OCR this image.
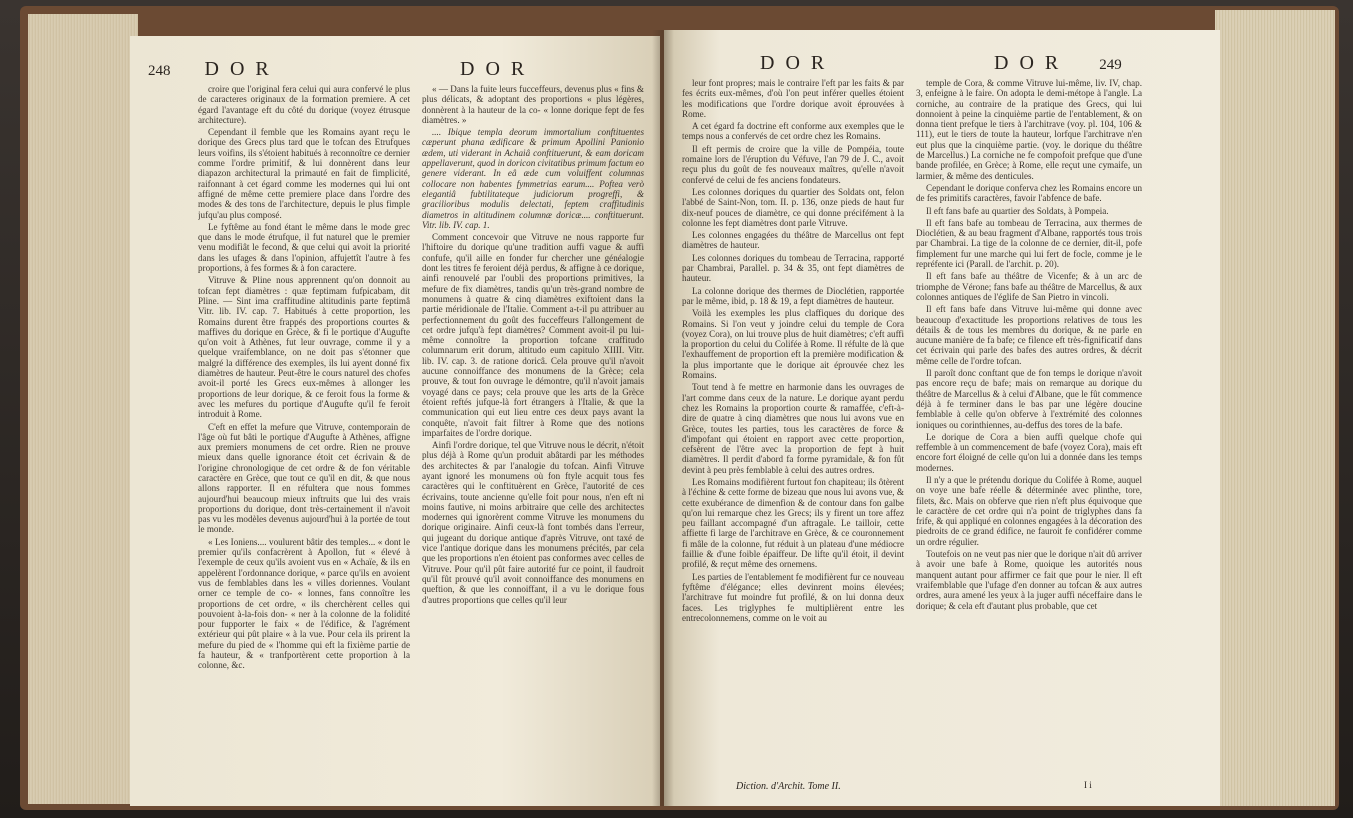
248 D O R	D O R

croire que l'original fera celui qui aura confervé le plus de caracteres originaux de la formation premiere. A cet égard l'avantage eft du côté du dorique (voyez étrusque architecture).

Cependant il femble que les Romains ayant reçu le dorique des Grecs plus tard que le tofcan des Etrufques leurs voifins, ils s'étoient habitués à reconnoître ce dernier comme l'ordre primitif, & lui donnèrent dans leur diapazon architectural la primauté en fait de fimplicité, raifonnant à cet égard comme les modernes qui lui ont affigné de même cette premiere place dans l'ordre des modes & des tons de l'architecture, depuis le plus fimple jufqu'au plus composé.

Le fyftême au fond étant le même dans le mode grec que dans le mode étrufque, il fut naturel que le premier venu modifiât le fecond, & que celui qui avoit la priorité dans les ufages & dans l'opinion, affujettît l'autre à fes proportions, à fes formes & à fon caractere.

Vitruve & Pline nous apprennent qu'on donnoit au tofcan fept diamètres : quæ feptimam fufpicabam, dit Pline. — Sint ima craffitudine altitudinis parte feptimâ Vitr. lib. IV. cap. 7. Habitués à cette proportion, les Romains durent être frappés des proportions courtes & maffives du dorique en Grèce, & fi le portique d'Augufte qu'on voit à Athènes, fut leur ouvrage, comme il y a quelque vraifemblance, on ne doit pas s'étonner que malgré la différence des exemples, ils lui ayent donné fix diamètres de hauteur. Peut-être le cours naturel des chofes avoit-il porté les Grecs eux-mêmes à allonger les proportions de leur dorique, & ce feroit fous la forme & avec les mefures du portique d'Augufte qu'il fe feroit introduit à Rome.

C'eft en effet la mefure que Vitruve, contemporain de l'âge où fut bâti le portique d'Augufte à Athènes, affigne aux premiers monumens de cet ordre. Rien ne prouve mieux dans quelle ignorance étoit cet écrivain & de l'origine chronologique de cet ordre & de fon véritable caractère en Grèce, que tout ce qu'il en dit, & que nous allons rapporter. Il en réfultera que nous fommes aujourd'hui beaucoup mieux inftruits que lui des vrais proportions du dorique, dont très-certainement il n'avoit pas vu les modèles devenus aujourd'hui à la portée de tout le monde.

« Les Ioniens.... voulurent bâtir des temples... « dont le premier qu'ils confacrèrent à Apollon, fut « élevé à l'exemple de ceux qu'ils avoient vus en « Achaïe, & ils en appelèrent l'ordonnance dorique, « parce qu'ils en avoient vus de femblables dans les « villes doriennes. Voulant orner ce temple de co- « lonnes, fans connoître les proportions de cet ordre, « ils cherchèrent celles qui pouvoient à-la-fois don- « ner à la colonne de la folidité pour fupporter le faix « de l'édifice, & l'agrément extérieur qui pût plaire « à la vue. Pour cela ils prirent la mefure du pied de « l'homme qui eft la fixième partie de fa hauteur, & « tranfportèrent cette proportion à la colonne, &c.

« — Dans la fuite leurs fucceffeurs, devenus plus « fins & plus délicats, & adoptant des proportions « plus légères, donnèrent à la hauteur de la co- « lonne dorique fept de fes diamètres. »

.... Ibique templa deorum immortalium conftituentes cæperunt phana ædificare & primum Apollini Panionio ædem, uti viderant in Achaiâ conftituerunt, & eam doricam appellaverunt, quod in doricon civitatibus primum factum eo genere viderant. In eâ æde cum voluiffent columnas collocare non habentes fymmetrias earum.... Poftea verò elegantiâ fubtilitateque judiciorum progreffi, & gracilioribus modulis delectati, feptem craffitudinis diametros in altitudinem columnæ doricæ.... conftituerunt. Vitr. lib. IV. cap. 1.

Comment concevoir que Vitruve ne nous rapporte fur l'hiftoire du dorique qu'une tradition auffi vague & auffi confufe, qu'il aille en fonder fur chercher une généalogie dont les titres fe feroient déjà perdus, & affigne à ce dorique, ainfi renouvelé par l'oubli des proportions primitives, la mefure de fix diamètres, tandis qu'un très-grand nombre de monumens à quatre & cinq diamètres exiftoient dans la partie méridionale de l'Italie. Comment a-t-il pu attribuer au perfectionnement du goût des fucceffeurs l'allongement de cet ordre jufqu'à fept diamètres? Comment avoit-il pu lui-même connoître la proportion tofcane craffitudo columnarum erit dorum, altitudo eum capitulo XIIII. Vitr. lib. IV. cap. 3. de ratione doricâ. Cela prouve qu'il n'avoit aucune connoiffance des monumens de la Grèce; cela prouve, & tout fon ouvrage le démontre, qu'il n'avoit jamais voyagé dans ce pays; cela prouve que les arts de la Grèce étoient reftés jufque-là fort étrangers à l'Italie, & que la communication qui eut lieu entre ces deux pays avant la conquête, n'avoit fait filtrer à Rome que des notions imparfaites de l'ordre dorique.

Ainfi l'ordre dorique, tel que Vitruve nous le décrit, n'étoit plus déjà à Rome qu'un produit abâtardi par les méthodes des architectes & par l'analogie du tofcan. Ainfi Vitruve ayant ignoré les monumens où fon ftyle acquit tous fes caractères qui le conftituèrent en Grèce, l'autorité de ces écrivains, toute ancienne qu'elle foit pour nous, n'en eft ni moins fautive, ni moins arbitraire que celle des architectes modernes qui ignorèrent comme Vitruve les monumens du dorique originaire. Ainfi ceux-là font tombés dans l'erreur, qui jugeant du dorique antique d'après Vitruve, ont taxé de vice l'antique dorique dans les monumens précités, par cela que les proportions n'en étoient pas conformes avec celles de Vitruve. Pour qu'il pût faire autorité fur ce point, il faudroit qu'il fût prouvé qu'il avoit connoiffance des monumens en queftion, & que les connoiffant, il a vu le dorique fous d'autres proportions que celles qu'il leur

D O R	D O R	249

leur font propres; mais le contraire l'eft par les faits & par fes écrits eux-mêmes, d'où l'on peut inférer quelles étoient les modifications que l'ordre dorique avoit éprouvées à Rome.

A cet égard fa doctrine eft conforme aux exemples que le temps nous a confervés de cet ordre chez les Romains.

Il eft permis de croire que la ville de Pompéia, toute romaine lors de l'éruption du Véfuve, l'an 79 de J. C., avoit reçu plus du goût de fes nouveaux maîtres, qu'elle n'avoit confervé de celui de fes anciens fondateurs.

Les colonnes doriques du quartier des Soldats ont, felon l'abbé de Saint-Non, tom. II. p. 136, onze pieds de haut fur dix-neuf pouces de diamètre, ce qui donne précifément à la colonne les fept diamètres dont parle Vitruve.

Les colonnes engagées du théâtre de Marcellus ont fept diamètres de hauteur.

Les colonnes doriques du tombeau de Terracina, rapporté par Chambrai, Parallel. p. 34 & 35, ont fept diamètres de hauteur.

La colonne dorique des thermes de Dioclétien, rapportée par le même, ibid, p. 18 & 19, a fept diamètres de hauteur.

Voilà les exemples les plus claffiques du dorique des Romains. Si l'on veut y joindre celui du temple de Cora (voyez Cora), on lui trouve plus de huit diamètres; c'eft auffi la proportion du celui du Colifée à Rome. Il réfulte de là que l'exhauffement de proportion eft la première modification & la plus importante que le dorique ait éprouvée chez les Romains.

Tout tend à fe mettre en harmonie dans les ouvrages de l'art comme dans ceux de la nature. Le dorique ayant perdu chez les Romains la proportion courte & ramaffée, c'eft-à-dire de quatre à cinq diamètres que nous lui avons vue en Grèce, toutes les parties, tous les caractères de force & d'impofant qui étoient en rapport avec cette proportion, cefsèrent de l'être avec la proportion de fept à huit diamètres. Il perdit d'abord fa forme pyramidale, & fon fût devint à peu près femblable à celui des autres ordres.

Les Romains modifièrent furtout fon chapiteau; ils ôtèrent à l'échine & cette forme de bizeau que nous lui avons vue, & cette exubérance de dimenfion & de contour dans fon galbe qu'on lui remarque chez les Grecs; ils y firent un tore affez peu faillant accompagné d'un aftragale. Le tailloir, cette affiette fi large de l'architrave en Grèce, & ce couronnement fi mâle de la colonne, fut réduit à un plateau d'une médiocre faillie & d'une foible épaiffeur. De lifte qu'il étoit, il devint profilé, & reçut même des ornemens.

Les parties de l'entablement fe modifièrent fur ce nouveau fyftême d'élégance; elles devinrent moins élevées; l'architrave fut moindre fut profilé, & on lui donna deux faces. Les triglyphes fe multiplièrent entre les entrecolonnemens, comme on le voit au

temple de Cora, & comme Vitruve lui-même, liv. IV, chap. 3, enfeigne à le faire. On adopta le demi-métope à l'angle. La corniche, au contraire de la pratique des Grecs, qui lui donnoient à peine la cinquième partie de l'entablement, & on donna tient prefque le tiers à l'architrave (voy. pl. 104, 106 & 111), eut le tiers de toute la hauteur, lorfque l'architrave n'en eut plus que la cinquième partie. (voy. le dorique du théâtre de Marcellus.) La corniche ne fe compofoit prefque que d'une bande profilée, en Grèce; à Rome, elle reçut une cymaife, un larmier, & même des denticules.

Cependant le dorique conferva chez les Romains encore un de fes primitifs caractères, favoir l'abfence de bafe.

Il eft fans bafe au quartier des Soldats, à Pompeia.

Il eft fans bafe au tombeau de Terracina, aux thermes de Dioclétien, & au beau fragment d'Albane, rapportés tous trois par Chambrai. La tige de la colonne de ce dernier, dit-il, pofe fimplement fur une marche qui lui fert de focle, comme je le repréfente ici (Parall. de l'archit. p. 20).

Il eft fans bafe au théâtre de Vicenfe; & à un arc de triomphe de Vérone; fans bafe au théâtre de Marcellus, & aux colonnes antiques de l'églife de San Pietro in vincoli.

Il eft fans bafe dans Vitruve lui-même qui donne avec beaucoup d'exactitude les proportions relatives de tous les détails & de tous les membres du dorique, & ne parle en aucune manière de fa bafe; ce filence eft très-fignificatif dans cet écrivain qui parle des bafes des autres ordres, & décrit même celle de l'ordre tofcan.

Il paroît donc conftant que de fon temps le dorique n'avoit pas encore reçu de bafe; mais on remarque au dorique du théâtre de Marcellus & à celui d'Albane, que le fût commence déjà à fe terminer dans le bas par une légère doucine femblable à celle qu'on obferve à l'extrémité des colonnes ioniques ou corinthiennes, au-deffus des tores de la bafe.

Le dorique de Cora a bien auffi quelque chofe qui reffemble à un commencement de bafe (voyez Cora), mais eft encore fort éloigné de celle qu'on lui a donnée dans les temps modernes.

Il n'y a que le prétendu dorique du Colifée à Rome, auquel on voye une bafe réelle & déterminée avec plinthe, tore, filets, &c. Mais on obferve que rien n'eft plus équivoque que le caractère de cet ordre qui n'a point de triglyphes dans fa frife, & qui appliqué en colonnes engagées à la décoration des piedroits de ce grand édifice, ne fauroit fe confidérer comme un ordre régulier.

Toutefois on ne veut pas nier que le dorique n'ait dû arriver à avoir une bafe à Rome, quoique les autorités nous manquent autant pour affirmer ce fait que pour le nier. Il eft vraifemblable que l'ufage d'en donner au tofcan & aux autres ordres, aura amené les yeux à la juger auffi néceffaire dans le dorique; & cela eft d'autant plus probable, que cet

Diction. d'Archit. Tome II.	I i
